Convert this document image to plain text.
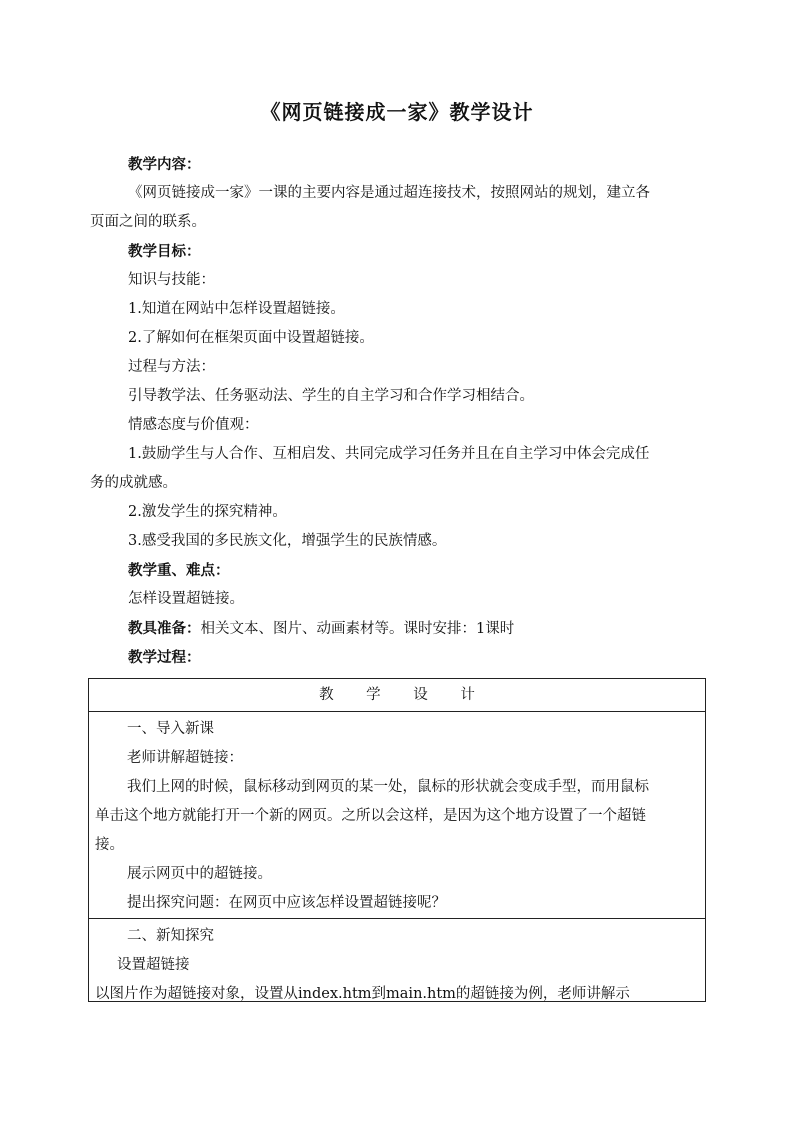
《网页链接成一家》教学设计
教学内容：
《网页链接成一家》一课的主要内容是通过超连接技术，按照网站的规划，建立各
页面之间的联系。
教学目标：
知识与技能：
1.知道在网站中怎样设置超链接。
2.了解如何在框架页面中设置超链接。
过程与方法：
引导教学法、任务驱动法、学生的自主学习和合作学习相结合。
情感态度与价值观：
1.鼓励学生与人合作、互相启发、共同完成学习任务并且在自主学习中体会完成任
务的成就感。
2.激发学生的探究精神。
3.感受我国的多民族文化，增强学生的民族情感。
教学重、难点：
怎样设置超链接。
教具准备：相关文本、图片、动画素材等。课时安排：1课时
教学过程：
教 学 设 计
一、导入新课
老师讲解超链接：
我们上网的时候，鼠标移动到网页的某一处，鼠标的形状就会变成手型，而用鼠标
单击这个地方就能打开一个新的网页。之所以会这样，是因为这个地方设置了一个超链
接。
展示网页中的超链接。
提出探究问题：在网页中应该怎样设置超链接呢？
二、新知探究
设置超链接
以图片作为超链接对象，设置从index.htm到main.htm的超链接为例，老师讲解示
